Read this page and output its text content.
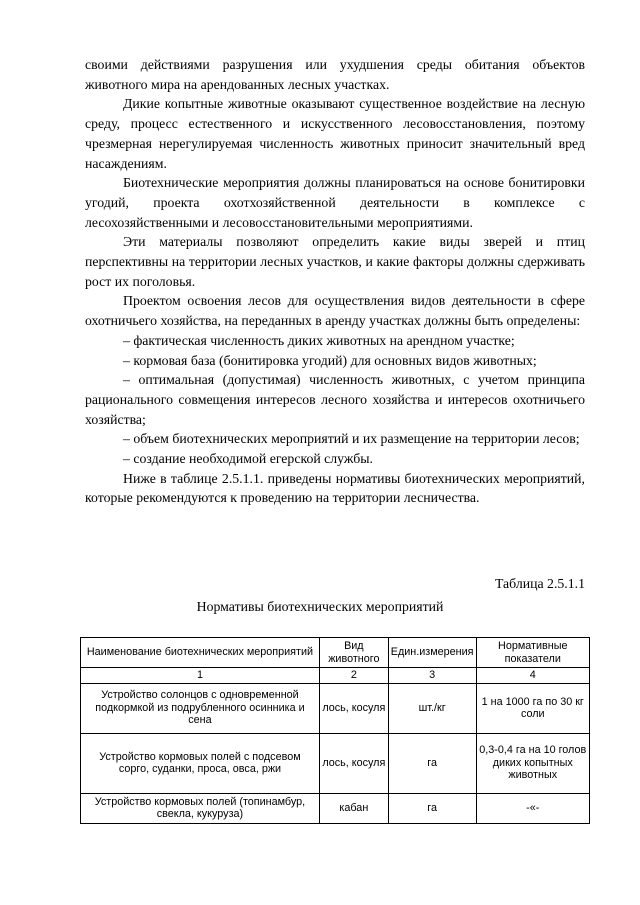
своими действиями разрушения или ухудшения среды обитания объектов животного мира на арендованных лесных участках.

Дикие копытные животные оказывают существенное воздействие на лесную среду, процесс естественного и искусственного лесовосстановления, поэтому чрезмерная нерегулируемая численность животных приносит значительный вред насаждениям.

Биотехнические мероприятия должны планироваться на основе бонитировки угодий, проекта охотхозяйственной деятельности в комплексе с лесохозяйственными и лесовосстановительными мероприятиями.

Эти материалы позволяют определить какие виды зверей и птиц перспективны на территории лесных участков, и какие факторы должны сдерживать рост их поголовья.

Проектом освоения лесов для осуществления видов деятельности в сфере охотничьего хозяйства, на переданных в аренду участках должны быть определены:

– фактическая численность диких животных на арендном участке;

– кормовая база (бонитировка угодий) для основных видов животных;

– оптимальная (допустимая) численность животных, с учетом принципа рационального совмещения интересов лесного хозяйства и интересов охотничьего хозяйства;

– объем биотехнических мероприятий и их размещение на территории лесов;

– создание необходимой егерской службы.

Ниже в таблице 2.5.1.1. приведены нормативы биотехнических мероприятий, которые рекомендуются к проведению на территории лесничества.

Таблица 2.5.1.1
Нормативы биотехнических мероприятий
Наименование биотехнических мероприятий	Вид животного	Един.измерения	Нормативные показатели
1	2	3	4
Устройство солонцов с одновременной подкормкой из подрубленного осинника и сена	лось, косуля	шт./кг	1 на 1000 га по 30 кг соли
Устройство кормовых полей с подсевом сорго, суданки, проса, овса, ржи	лось, косуля	га	0,3-0,4 га на 10 голов диких копытных животных
Устройство кормовых полей (топинамбур, свекла, кукуруза)	кабан	га	-«-
